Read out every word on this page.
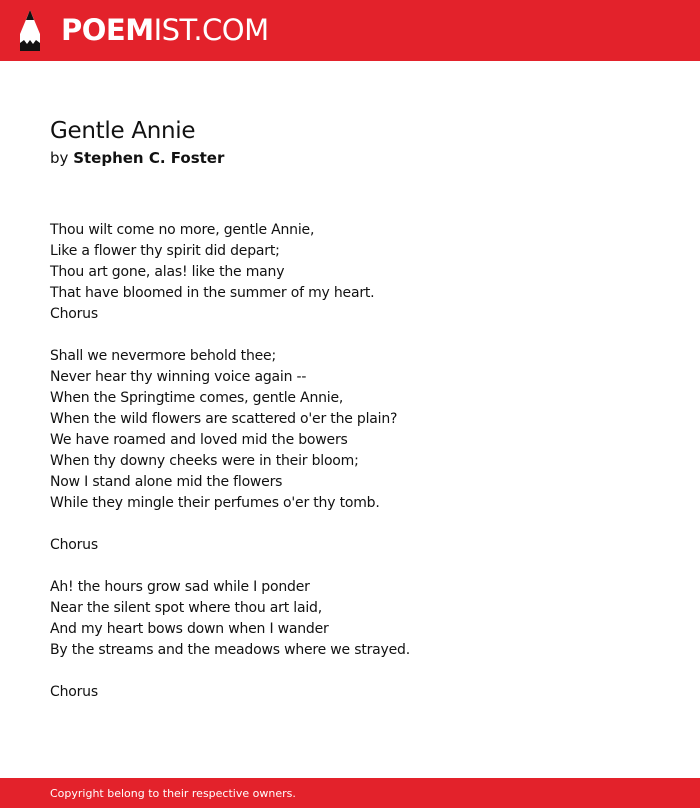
POEMIST.COM
Gentle Annie
by Stephen C. Foster
Thou wilt come no more, gentle Annie,
Like a flower thy spirit did depart;
Thou art gone, alas! like the many
That have bloomed in the summer of my heart.
Chorus
Shall we nevermore behold thee;
Never hear thy winning voice again --
When the Springtime comes, gentle Annie,
When the wild flowers are scattered o'er the plain?
We have roamed and loved mid the bowers
When thy downy cheeks were in their bloom;
Now I stand alone mid the flowers
While they mingle their perfumes o'er thy tomb.
Chorus
Ah! the hours grow sad while I ponder
Near the silent spot where thou art laid,
And my heart bows down when I wander
By the streams and the meadows where we strayed.
Chorus
Copyright belong to their respective owners.
